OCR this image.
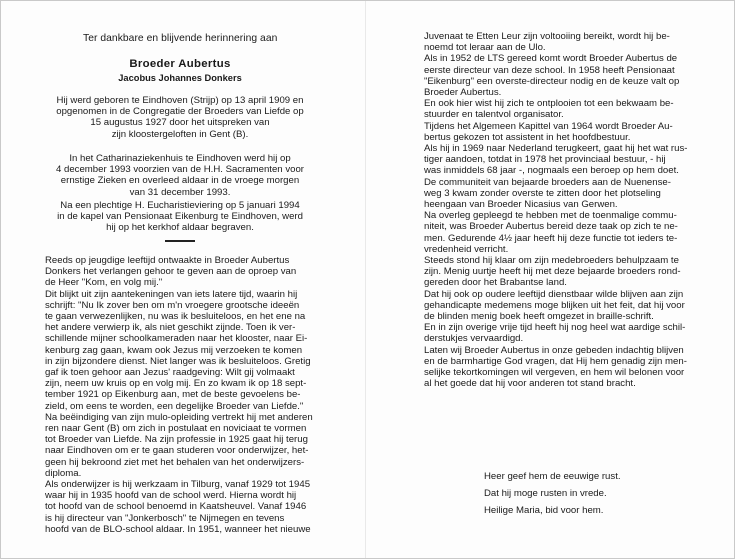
Ter dankbare en blijvende herinnering aan
Broeder Aubertus
Jacobus Johannes Donkers

Hij werd geboren te Eindhoven (Strijp) op 13 april 1909 en

opgenomen in de Congregatie der Broeders van Liefde op

15 augustus 1927 door het uitspreken van

zijn kloostergeloften in Gent (B).

In het Catharinaziekenhuis te Eindhoven werd hij op

4 december 1993 voorzien van de H.H. Sacramenten voor

ernstige Zieken en overleed aldaar in de vroege morgen

van 31 december 1993.

Na een plechtige H. Eucharistieviering op 5 januari 1994

in de kapel van Pensionaat Eikenburg te Eindhoven, werd

hij op het kerkhof aldaar begraven.

Reeds op jeugdige leeftijd ontwaakte in Broeder Aubertus

Donkers het verlangen gehoor te geven aan de oproep van

de Heer "Kom, en volg mij."

Dit blijkt uit zijn aantekeningen van iets latere tijd, waarin hij

schrijft: "Nu Ik zover ben om m'n vroegere grootsche ideeën

te gaan verwezenlijken, nu was ik besluiteloos, en het ene na

het andere verwierp ik, als niet geschikt zijnde. Toen ik ver-

schillende mijner schoolkameraden naar het klooster, naar Ei-

kenburg zag gaan, kwam ook Jezus mij verzoeken te komen

in zijn bijzondere dienst. Niet langer was ik besluiteloos. Gretig

gaf ik toen gehoor aan Jezus' raadgeving: Wilt gij volmaakt

zijn, neem uw kruis op en volg mij. En zo kwam ik op 18 sept-

tember 1921 op Eikenburg aan, met de beste gevoelens be-

zield, om eens te worden, een degelijke Broeder van Liefde."

Na beëindiging van zijn mulo-opleiding vertrekt hij met anderen

ren naar Gent (B) om zich in postulaat en noviciaat te vormen

tot Broeder van Liefde. Na zijn professie in 1925 gaat hij terug

naar Eindhoven om er te gaan studeren voor onderwijzer, het-

geen hij bekroond ziet met het behalen van het onderwijzers-

diploma.

Als onderwijzer is hij werkzaam in Tilburg, vanaf 1929 tot 1945

waar hij in 1935 hoofd van de school werd. Hierna wordt hij

tot hoofd van de school benoemd in Kaatsheuvel. Vanaf 1946

is hij directeur van "Jonkerbosch" te Nijmegen en tevens

hoofd van de BLO-school aldaar. In 1951, wanneer het nieuwe

Juvenaat te Etten Leur zijn voltooiing bereikt, wordt hij be-

noemd tot leraar aan de Ulo.

Als in 1952 de LTS gereed komt wordt Broeder Aubertus de

eerste directeur van deze school. In 1958 heeft Pensionaat

"Eikenburg" een overste-directeur nodig en de keuze valt op

Broeder Aubertus.

En ook hier wist hij zich te ontplooien tot een bekwaam be-

stuurder en talentvol organisator.

Tijdens het Algemeen Kapittel van 1964 wordt Broeder Au-

bertus gekozen tot assistent in het hoofdbestuur.

Als hij in 1969 naar Nederland terugkeert, gaat hij het wat rus-

tiger aandoen, totdat in 1978 het provinciaal bestuur, - hij

was inmiddels 68 jaar -, nogmaals een beroep op hem doet.

De communiteit van bejaarde broeders aan de Nuenense-

weg 3 kwam zonder overste te zitten door het plotseling

heengaan van Broeder Nicasius van Gerwen.

Na overleg gepleegd te hebben met de toenmalige commu-

niteit, was Broeder Aubertus bereid deze taak op zich te ne-

men. Gedurende 4½ jaar heeft hij deze functie tot ieders te-

vredenheid verricht.

Steeds stond hij klaar om zijn medebroeders behulpzaam te

zijn. Menig uurtje heeft hij met deze bejaarde broeders rond-

gereden door het Brabantse land.

Dat hij ook op oudere leeftijd dienstbaar wilde blijven aan zijn

gehandicapte medemens moge blijken uit het feit, dat hij voor

de blinden menig boek heeft omgezet in braille-schrift.

En in zijn overige vrije tijd heeft hij nog heel wat aardige schil-

derstukjes vervaardigd.

Laten wij Broeder Aubertus in onze gebeden indachtig blijven

en de barmhartige God vragen, dat Hij hem genadig zijn men-

selijke tekortkomingen wil vergeven, en hem wil belonen voor

al het goede dat hij voor anderen tot stand bracht.

Heer geef hem de eeuwige rust.

Dat hij moge rusten in vrede.

Heilige Maria, bid voor hem.
